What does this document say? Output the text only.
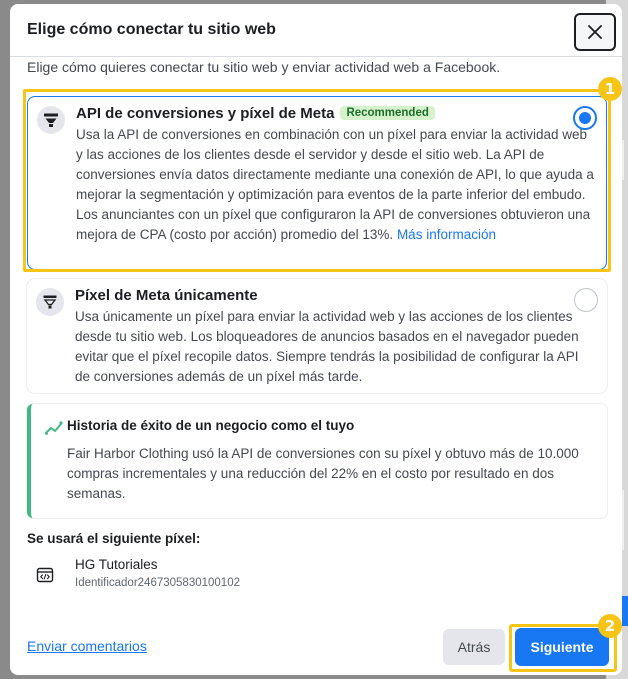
Elige cómo conectar tu sitio web
Elige cómo quieres conectar tu sitio web y enviar actividad web a Facebook.
API de conversiones y píxel de Meta Recommended
Usa la API de conversiones en combinación con un píxel para enviar la actividad web y las acciones de los clientes desde el servidor y desde el sitio web. La API de conversiones envía datos directamente mediante una conexión de API, lo que ayuda a mejorar la segmentación y optimización para eventos de la parte inferior del embudo. Los anunciantes con un píxel que configuraron la API de conversiones obtuvieron una mejora de CPA (costo por acción) promedio del 13%. Más información
Píxel de Meta únicamente
Usa únicamente un píxel para enviar la actividad web y las acciones de los clientes desde tu sitio web. Los bloqueadores de anuncios basados en el navegador pueden evitar que el píxel recopile datos. Siempre tendrás la posibilidad de configurar la API de conversiones además de un píxel más tarde.
Historia de éxito de un negocio como el tuyo
Fair Harbor Clothing usó la API de conversiones con su píxel y obtuvo más de 10.000 compras incrementales y una reducción del 22% en el costo por resultado en dos semanas.
Se usará el siguiente píxel:
HG Tutoriales
Identificador2467305830100102
Enviar comentarios	Atrás	Siguiente
1
2
